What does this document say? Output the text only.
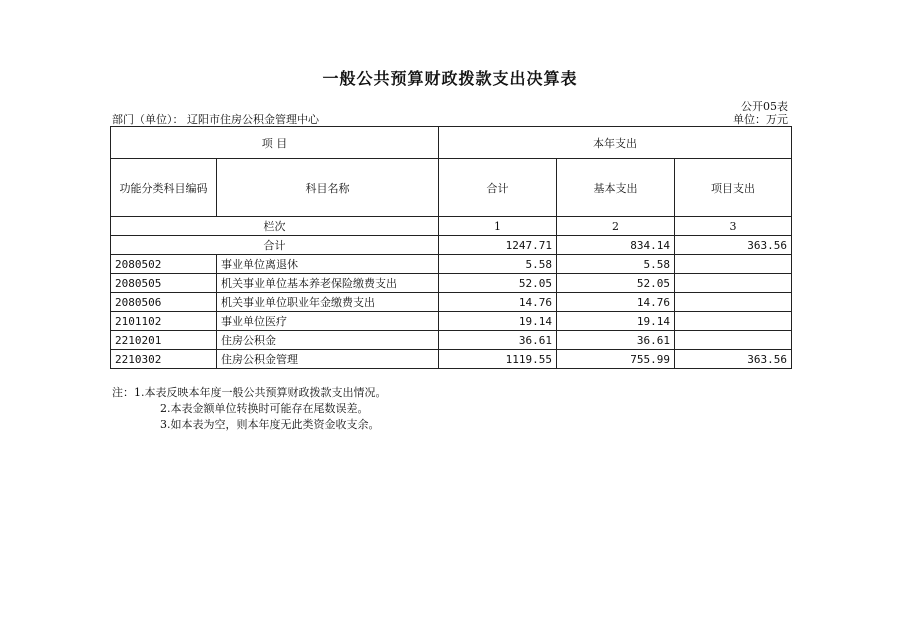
一般公共预算财政拨款支出决算表
公开05表
部门（单位）： 辽阳市住房公积金管理中心	单位：万元
项 目		本年支出		
功能分类科目编码	科目名称	合计	基本支出	项目支出
栏次		1	2	3
合计		1247.71	834.14	363.56
2080502	事业单位离退休	5.58	5.58	
2080505	机关事业单位基本养老保险缴费支出	52.05	52.05	
2080506	机关事业单位职业年金缴费支出	14.76	14.76	
2101102	事业单位医疗	19.14	19.14	
2210201	住房公积金	36.61	36.61	
2210302	住房公积金管理	1119.55	755.99	363.56
注：1.本表反映本年度一般公共预算财政拨款支出情况。
2.本表金额单位转换时可能存在尾数误差。
3.如本表为空，则本年度无此类资金收支余。
